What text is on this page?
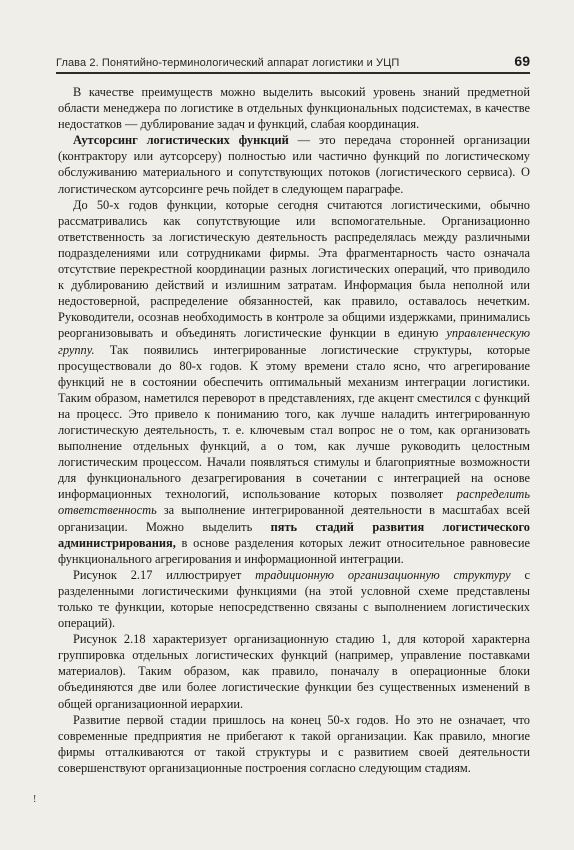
Глава 2. Понятийно-терминологический аппарат логистики и УЦП	69

В качестве преимуществ можно выделить высокий уровень знаний предметной области менеджера по логистике в отдельных функциональных подсистемах, в качестве недостатков — дублирование задач и функций, слабая координация.

Аутсорсинг логистических функций — это передача сторонней организации (контрактору или аутсорсеру) полностью или частично функций по логистическому обслуживанию материального и сопутствующих потоков (логистического сервиса). О логистическом аутсорсинге речь пойдет в следующем параграфе.

До 50-х годов функции, которые сегодня считаются логистическими, обычно рассматривались как сопутствующие или вспомогательные. Организационно ответственность за логистическую деятельность распределялась между различными подразделениями или сотрудниками фирмы. Эта фрагментарность часто означала отсутствие перекрестной координации разных логистических операций, что приводило к дублированию действий и излишним затратам. Информация была неполной или недостоверной, распределение обязанностей, как правило, оставалось нечетким. Руководители, осознав необходимость в контроле за общими издержками, принимались реорганизовывать и объединять логистические функции в единую управленческую группу. Так появились интегрированные логистические структуры, которые просуществовали до 80-х годов. К этому времени стало ясно, что агрегирование функций не в состоянии обеспечить оптимальный механизм интеграции логистики. Таким образом, наметился переворот в представлениях, где акцент сместился с функций на процесс. Это привело к пониманию того, как лучше наладить интегрированную логистическую деятельность, т. е. ключевым стал вопрос не о том, как организовать выполнение отдельных функций, а о том, как лучше руководить целостным логистическим процессом. Начали появляться стимулы и благоприятные возможности для функционального дезагрегирования в сочетании с интеграцией на основе информационных технологий, использование которых позволяет распределить ответственность за выполнение интегрированной деятельности в масштабах всей организации. Можно выделить пять стадий развития логистического администрирования, в основе разделения которых лежит относительное равновесие функционального агрегирования и информационной интеграции.

Рисунок 2.17 иллюстрирует традиционную организационную структуру с разделенными логистическими функциями (на этой условной схеме представлены только те функции, которые непосредственно связаны с выполнением логистических операций).

Рисунок 2.18 характеризует организационную стадию 1, для которой характерна группировка отдельных логистических функций (например, управление поставками материалов). Таким образом, как правило, поначалу в операционные блоки объединяются две или более логистические функции без существенных изменений в общей организационной иерархии.

Развитие первой стадии пришлось на конец 50-х годов. Но это не означает, что современные предприятия не прибегают к такой организации. Как правило, многие фирмы отталкиваются от такой структуры и с развитием своей деятельности совершенствуют организационные построения согласно следующим стадиям.

!
